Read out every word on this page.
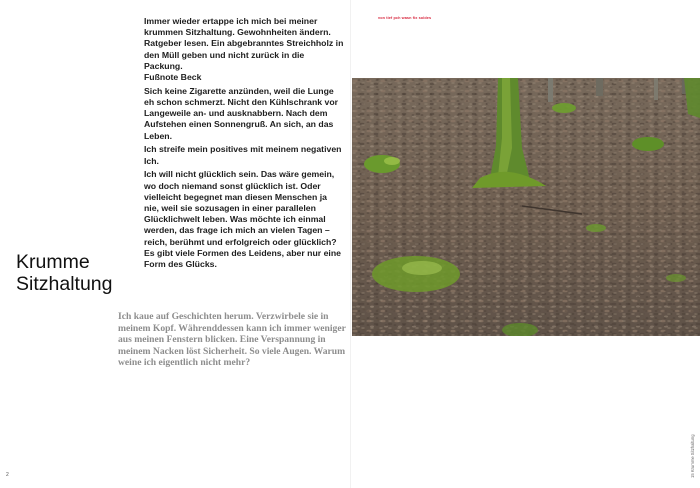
Immer wieder ertappe ich mich bei meiner krummen Sitzhaltung. Gewohnheiten ändern. Ratgeber lesen. Ein abgebranntes Streichholz in den Müll geben und nicht zurück in die Packung.

Fußnote Beck

Sich keine Zigarette anzünden, weil die Lunge eh schon schmerzt. Nicht den Kühlschrank vor Langeweile an- und ausknabbern. Nach dem Aufstehen einen Sonnengruß. An sich, an das Leben.

Ich streife mein positives mit meinem negativen Ich.

Ich will nicht glücklich sein. Das wäre gemein, wo doch niemand sonst glücklich ist. Oder vielleicht begegnet man diesen Menschen ja nie, weil sie sozusagen in einer parallelen Glücklichwelt leben. Was möchte ich einmal werden, das frage ich mich an vielen Tagen – reich, berühmt und erfolgreich oder glücklich? Es gibt viele Formen des Leidens, aber nur eine Form des Glücks.

Krumme
Sitzhaltung
Ich kaue auf Geschichten herum. Verzwirbele sie in meinem Kopf. Währenddessen kann ich immer weniger aus meinen Fenstern blicken. Eine Verspannung in meinem Nacken löst Sicherheit. So viele Augen. Warum weine ich eigentlich nicht mehr?
2
von tief pch wasn fix soldes
15 Krumme Sitzhaltung
